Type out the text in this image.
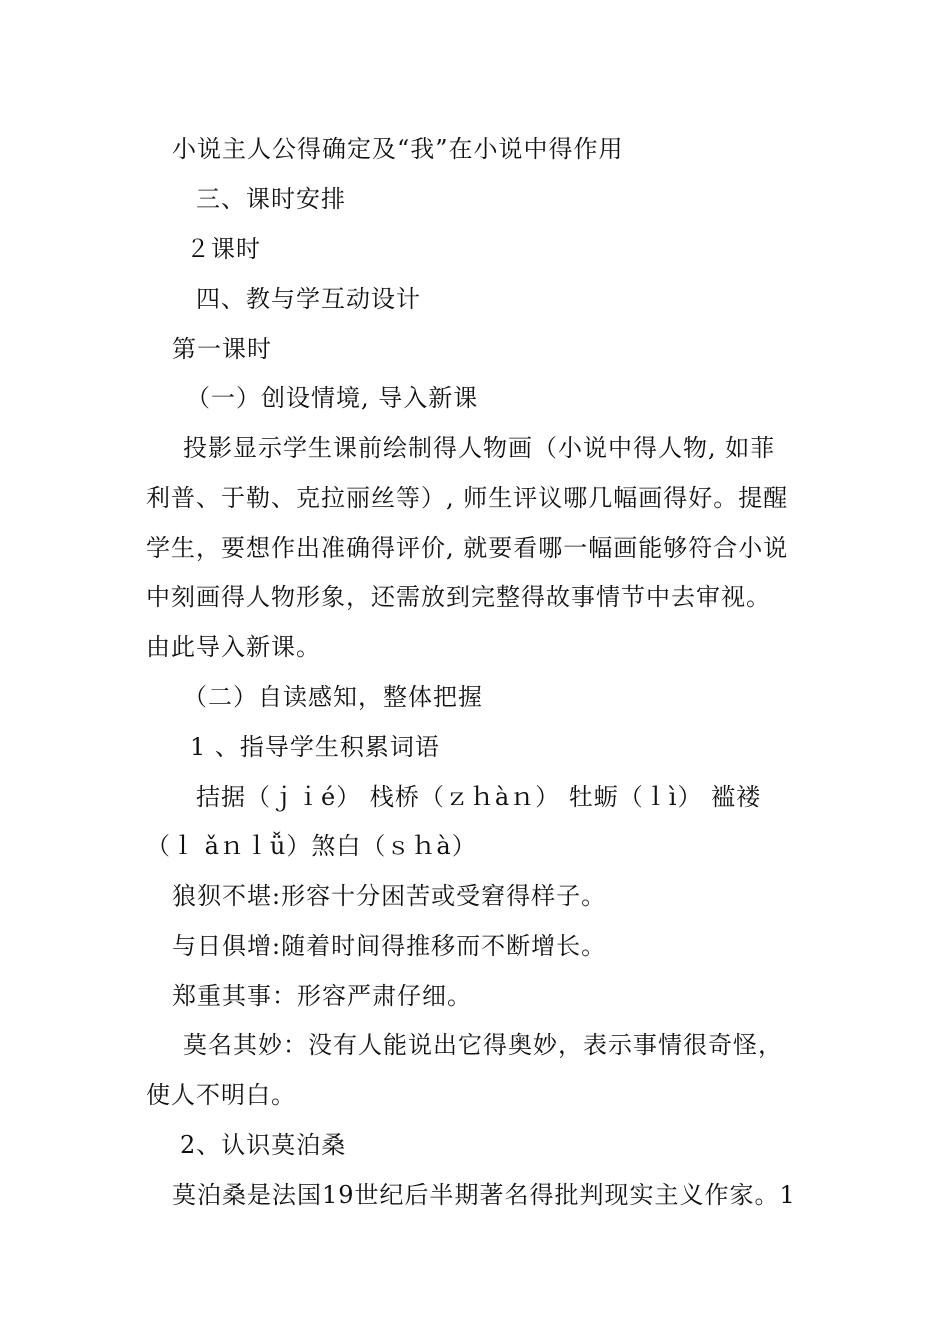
小说主人公得确定及“我”在小说中得作用
三、课时安排
２课时
四、教与学互动设计
第一课时
（一）创设情境, 导入新课
投影显示学生课前绘制得人物画（小说中得人物, 如菲
利普、于勒、克拉丽丝等）, 师生评议哪几幅画得好。提醒
学生，要想作出准确得评价, 就要看哪一幅画能够符合小说
中刻画得人物形象，还需放到完整得故事情节中去审视。
由此导入新课。
（二）自读感知，整体把握
1 、指导学生积累词语
拮据（ｊｉé） 栈桥（ｚｈàｎ） 牡蛎（ｌì） 褴褛
（ｌ ǎｎｌǚ）煞白（ｓｈà）
狼狈不堪:形容十分困苦或受窘得样子。
与日俱增:随着时间得推移而不断增长。
郑重其事：形容严肃仔细。
莫名其妙：没有人能说出它得奥妙，表示事情很奇怪，
使人不明白。
2、认识莫泊桑
莫泊桑是法国19世纪后半期著名得批判现实主义作家。1
